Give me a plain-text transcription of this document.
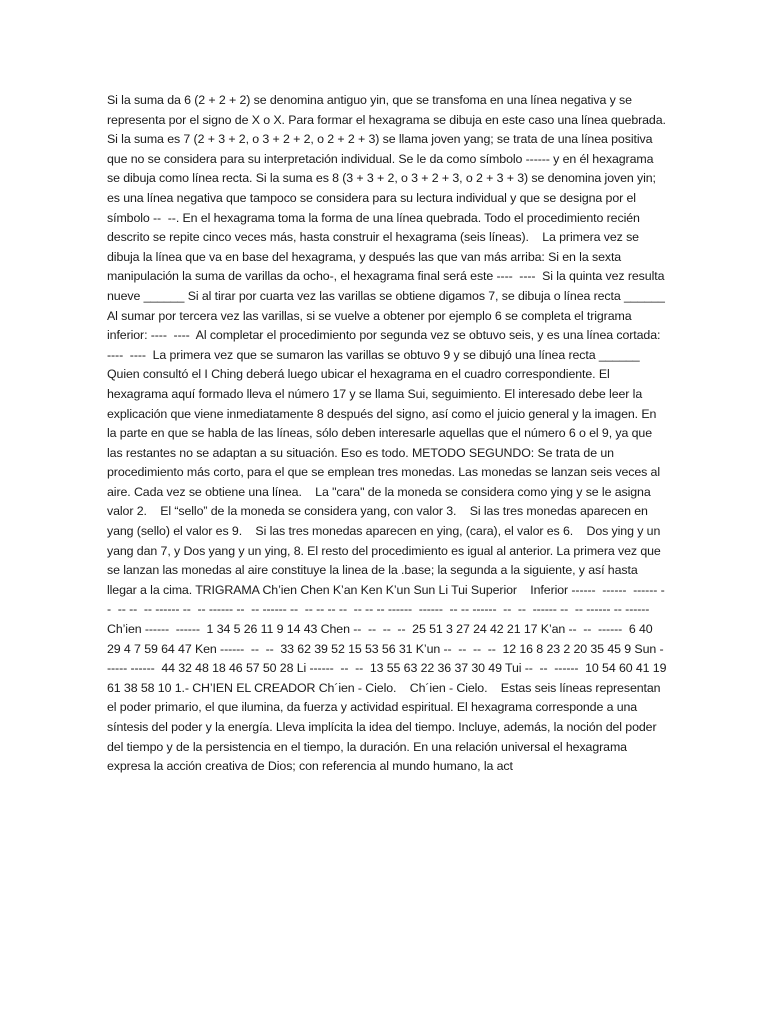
Si la suma da 6 (2 + 2 + 2) se denomina antiguo yin, que se transfoma en una línea negativa y se representa por el signo de X o X. Para formar el hexagrama se dibuja en este caso una línea quebrada. Si la suma es 7 (2 + 3 + 2, o 3 + 2 + 2, o 2 + 2 + 3) se llama joven yang; se trata de una línea positiva que no se considera para su interpretación individual. Se le da como símbolo ------ y en él hexagrama se dibuja como línea recta. Si la suma es 8 (3 + 3 + 2, o 3 + 2 + 3, o 2 + 3 + 3) se denomina joven yin; es una línea negativa que tampoco se considera para su lectura individual y que se designa por el símbolo --  --. En el hexagrama toma la forma de una línea quebrada. Todo el procedimiento recién descrito se repite cinco veces más, hasta construir el hexagrama (seis líneas).    La primera vez se dibuja la línea que va en base del hexagrama, y después las que van más arriba: Si en la sexta manipulación la suma de varillas da ocho-, el hexagrama final será este ----  ----  Si la quinta vez resulta nueve ______ Si al tirar por cuarta vez las varillas se obtiene digamos 7, se dibuja o línea recta ______ Al sumar por tercera vez las varillas, si se vuelve a obtener por ejemplo 6 se completa el trigrama inferior: ----  ----  Al completar el procedimiento por segunda vez se obtuvo seis, y es una línea cortada: ----  ----  La primera vez que se sumaron las varillas se obtuvo 9 y se dibujó una línea recta ______ Quien consultó el I Ching deberá luego ubicar el hexagrama en el cuadro correspondiente. El hexagrama aquí formado lleva el número 17 y se llama Sui, seguimiento. El interesado debe leer la explicación que viene inmediatamente 8 después del signo, así como el juicio general y la imagen. En la parte en que se habla de las líneas, sólo deben interesarle aquellas que el número 6 o el 9, ya que las restantes no se adaptan a su situación. Eso es todo. METODO SEGUNDO: Se trata de un procedimiento más corto, para el que se emplean tres monedas. Las monedas se lanzan seis veces al aire. Cada vez se obtiene una línea.    La "cara" de la moneda se considera como ying y se le asigna valor 2.    El “sello” de la moneda se considera yang, con valor 3.    Si las tres monedas aparecen en yang (sello) el valor es 9.    Si las tres monedas aparecen en ying, (cara), el valor es 6.    Dos ying y un yang dan 7, y Dos yang y un ying, 8. El resto del procedimiento es igual al anterior. La primera vez que se lanzan las monedas al aire constituye la linea de la .base; la segunda a la siguiente, y así hasta llegar a la cima. TRIGRAMA Ch’ien Chen K’an Ken K’un Sun Li Tui Superior    Inferior ------  ------  ------ --  -- --  -- ------ --  -- ------ --  -- ------ --  -- -- -- --  -- -- -- ------  ------  -- -- ------  --  --  ------ --  -- ------ -- ------ Ch’ien ------  ------  1 34 5 26 11 9 14 43 Chen --  --  --  --  25 51 3 27 24 42 21 17 K’an --  --  ------  6 40 29 4 7 59 64 47 Ken ------  --  --  33 62 39 52 15 53 56 31 K’un --  --  --  --  12 16 8 23 2 20 35 45 9 Sun ------ ------  44 32 48 18 46 57 50 28 Li ------  --  --  13 55 63 22 36 37 30 49 Tui --  --  ------  10 54 60 41 19 61 38 58 10 1.- CH’IEN EL CREADOR Ch´ien - Cielo.    Ch´ien - Cielo.    Estas seis líneas representan el poder primario, el que ilumina, da fuerza y actividad espiritual. El hexagrama corresponde a una síntesis del poder y la energía. Lleva implícita la idea del tiempo. Incluye, además, la noción del poder del tiempo y de la persistencia en el tiempo, la duración. En una relación universal el hexagrama expresa la acción creativa de Dios; con referencia al mundo humano, la act
